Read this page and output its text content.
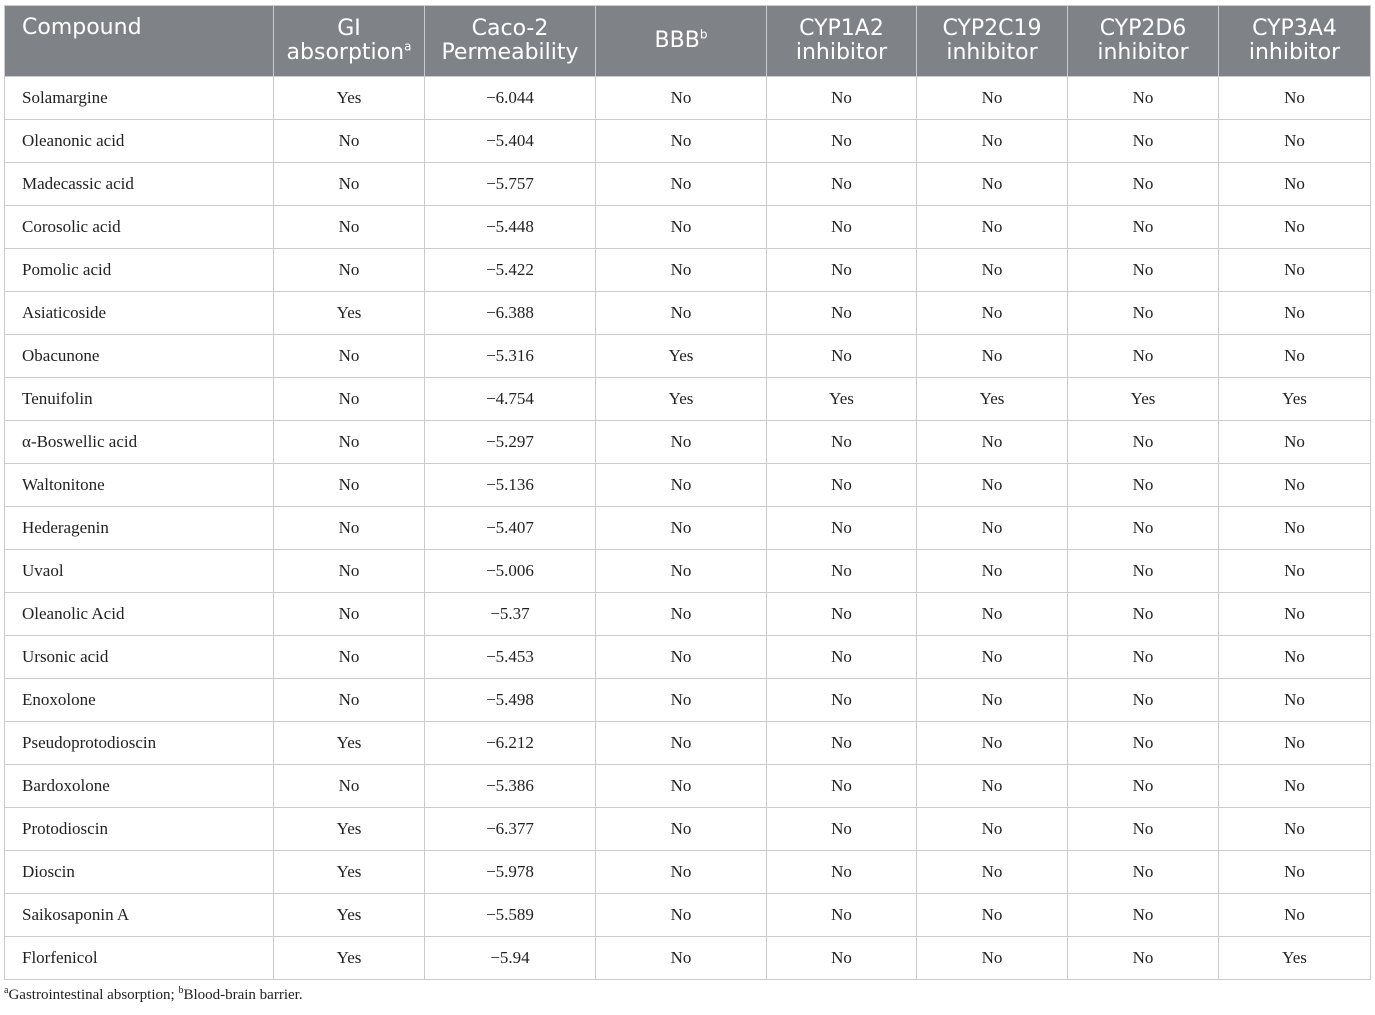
Compound	GI absorption$^a$	Caco-2 Permeability	BBB$^b$	CYP1A2 inhibitor	CYP2C19 inhibitor	CYP2D6 inhibitor	CYP3A4 inhibitor
Solamargine	Yes	−6.044	No	No	No	No	No
Oleanonic acid	No	−5.404	No	No	No	No	No
Madecassic acid	No	−5.757	No	No	No	No	No
Corosolic acid	No	−5.448	No	No	No	No	No
Pomolic acid	No	−5.422	No	No	No	No	No
Asiaticoside	Yes	−6.388	No	No	No	No	No
Obacunone	No	−5.316	Yes	No	No	No	No
Tenuifolin	No	−4.754	Yes	Yes	Yes	Yes	Yes
α-Boswellic acid	No	−5.297	No	No	No	No	No
Waltonitone	No	−5.136	No	No	No	No	No
Hederagenin	No	−5.407	No	No	No	No	No
Uvaol	No	−5.006	No	No	No	No	No
Oleanolic Acid	No	−5.37	No	No	No	No	No
Ursonic acid	No	−5.453	No	No	No	No	No
Enoxolone	No	−5.498	No	No	No	No	No
Pseudoprotodioscin	Yes	−6.212	No	No	No	No	No
Bardoxolone	No	−5.386	No	No	No	No	No
Protodioscin	Yes	−6.377	No	No	No	No	No
Dioscin	Yes	−5.978	No	No	No	No	No
Saikosaponin A	Yes	−5.589	No	No	No	No	No
Florfenicol	Yes	−5.94	No	No	No	No	Yes
$^a$Gastrointestinal absorption; $^b$Blood-brain barrier.
